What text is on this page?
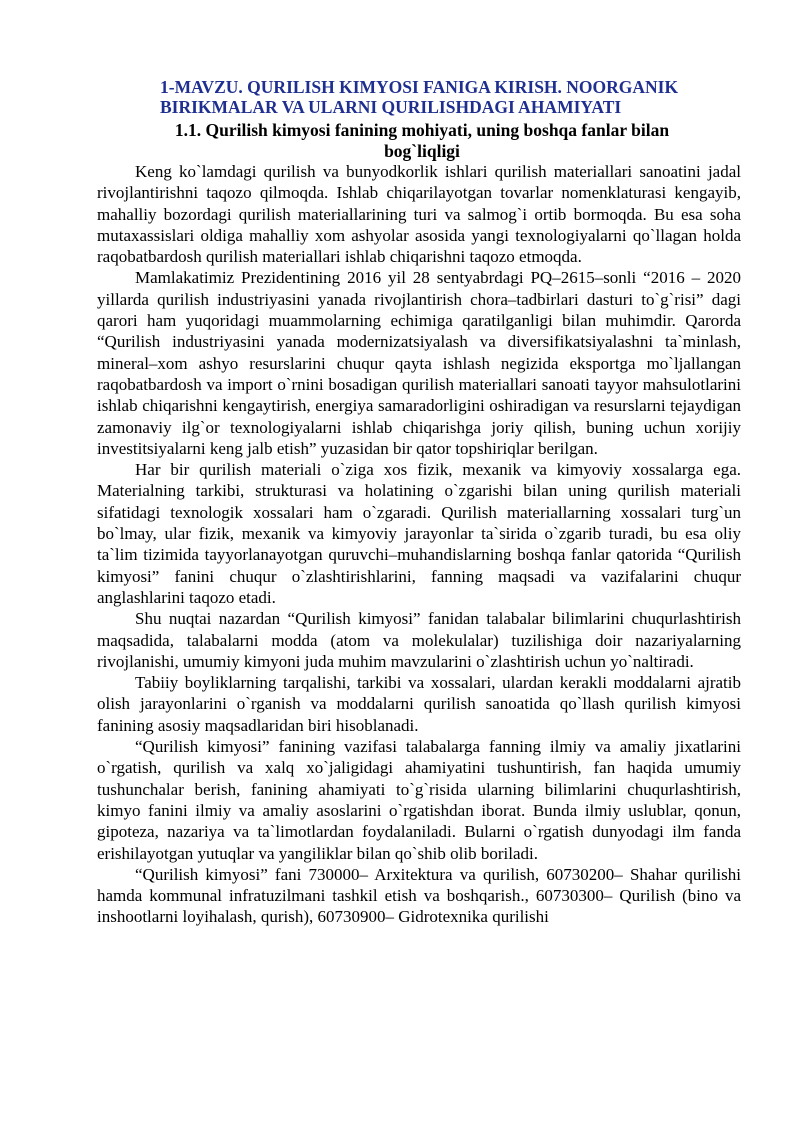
1-MAVZU. QURILISH KIMYOSI FANIGA KIRISH. NOORGANIK
BIRIKMALAR VA ULARNI QURILISHDAGI AHAMIYATI
1.1. Qurilish kimyosi fanining mohiyati, uning boshqa fanlar bilan
bog`liqligi

Keng ko`lamdagi qurilish va bunyodkorlik ishlari qurilish materiallari sanoatini jadal rivojlantirishni taqozo qilmoqda. Ishlab chiqarilayotgan tovarlar nomenklaturasi kengayib, mahalliy bozordagi qurilish materiallarining turi va salmog`i ortib bormoqda. Bu esa soha mutaxassislari oldiga mahalliy xom ashyolar asosida yangi texnologiyalarni qo`llagan holda raqobatbardosh qurilish materiallari ishlab chiqarishni taqozo etmoqda.

Mamlakatimiz Prezidentining 2016 yil 28 sentyabrdagi PQ–2615–sonli “2016 – 2020 yillarda qurilish industriyasini yanada rivojlantirish chora–tadbirlari dasturi to`g`risi” dagi qarori ham yuqoridagi muammolarning echimiga qaratilganligi bilan muhimdir. Qarorda “Qurilish industriyasini yanada modernizatsiyalash va diversifikatsiyalashni ta`minlash, mineral–xom ashyo resurslarini chuqur qayta ishlash negizida eksportga mo`ljallangan raqobatbardosh va import o`rnini bosadigan qurilish materiallari sanoati tayyor mahsulotlarini ishlab chiqarishni kengaytirish, energiya samaradorligini oshiradigan va resurslarni tejaydigan zamonaviy ilg`or texnologiyalarni ishlab chiqarishga joriy qilish, buning uchun xorijiy investitsiyalarni keng jalb etish” yuzasidan bir qator topshiriqlar berilgan.

Har bir qurilish materiali o`ziga xos fizik, mexanik va kimyoviy xossalarga ega. Materialning tarkibi, strukturasi va holatining o`zgarishi bilan uning qurilish materiali sifatidagi texnologik xossalari ham o`zgaradi. Qurilish materiallarning xossalari turg`un bo`lmay, ular fizik, mexanik va kimyoviy jarayonlar ta`sirida o`zgarib turadi, bu esa oliy ta`lim tizimida tayyorlanayotgan quruvchi–muhandislarning boshqa fanlar qatorida “Qurilish kimyosi” fanini chuqur o`zlashtirishlarini, fanning maqsadi va vazifalarini chuqur anglashlarini taqozo etadi.

Shu nuqtai nazardan “Qurilish kimyosi” fanidan talabalar bilimlarini chuqurlashtirish maqsadida, talabalarni modda (atom va molekulalar) tuzilishiga doir nazariyalarning rivojlanishi, umumiy kimyoni juda muhim mavzularini o`zlashtirish uchun yo`naltiradi.

Tabiiy boyliklarning tarqalishi, tarkibi va xossalari, ulardan kerakli moddalarni ajratib olish jarayonlarini o`rganish va moddalarni qurilish sanoatida qo`llash qurilish kimyosi fanining asosiy maqsadlaridan biri hisoblanadi.

“Qurilish kimyosi” fanining vazifasi talabalarga fanning ilmiy va amaliy jixatlarini o`rgatish, qurilish va xalq xo`jaligidagi ahamiyatini tushuntirish, fan haqida umumiy tushunchalar berish, fanining ahamiyati to`g`risida ularning bilimlarini chuqurlashtirish, kimyo fanini ilmiy va amaliy asoslarini o`rgatishdan iborat. Bunda ilmiy uslublar, qonun, gipoteza, nazariya va ta`limotlardan foydalaniladi. Bularni o`rgatish dunyodagi ilm fanda erishilayotgan yutuqlar va yangiliklar bilan qo`shib olib boriladi.

“Qurilish kimyosi” fani 730000– Arxitektura va qurilish, 60730200– Shahar qurilishi hamda kommunal infratuzilmani tashkil etish va boshqarish., 60730300– Qurilish (bino va inshootlarni loyihalash, qurish), 60730900– Gidrotexnika qurilishi
